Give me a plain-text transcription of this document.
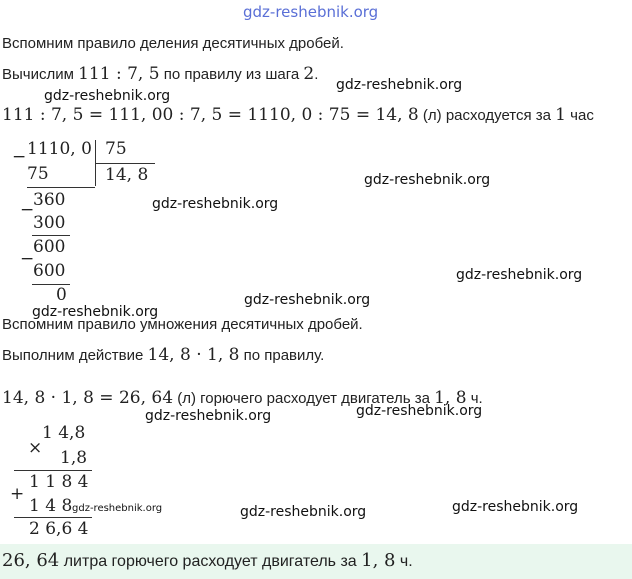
gdz-reshebnik.org
Вспомним правило деления десятичных дробей.
Вычислим 111 : 7, 5 по правилу из шага 2.
gdz-reshebnik.org
gdz-reshebnik.org
111 : 7, 5 = 111, 00 : 7, 5 = 1110, 0 : 75 = 14, 8 (л) расходуется за 1 час
− 1110, 0 75
75	14, 8
360
−
300
600
−
600
0
gdz-reshebnik.org
gdz-reshebnik.org
gdz-reshebnik.org
gdz-reshebnik.org
gdz-reshebnik.org
Вспомним правило умножения десятичных дробей.
Выполним действие 14, 8 · 1, 8 по правилу.
14, 8 · 1, 8 = 26, 64 (л) горючего расходует двигатель за 1, 8 ч.
gdz-reshebnik.org	gdz-reshebnik.org
×
1 4,8
1,8
1 1 8 4
+
1 4 8 gdz-reshebnik.org
2 6,6 4
gdz-reshebnik.org	gdz-reshebnik.org
26, 64 литра горючего расходует двигатель за 1, 8 ч.
